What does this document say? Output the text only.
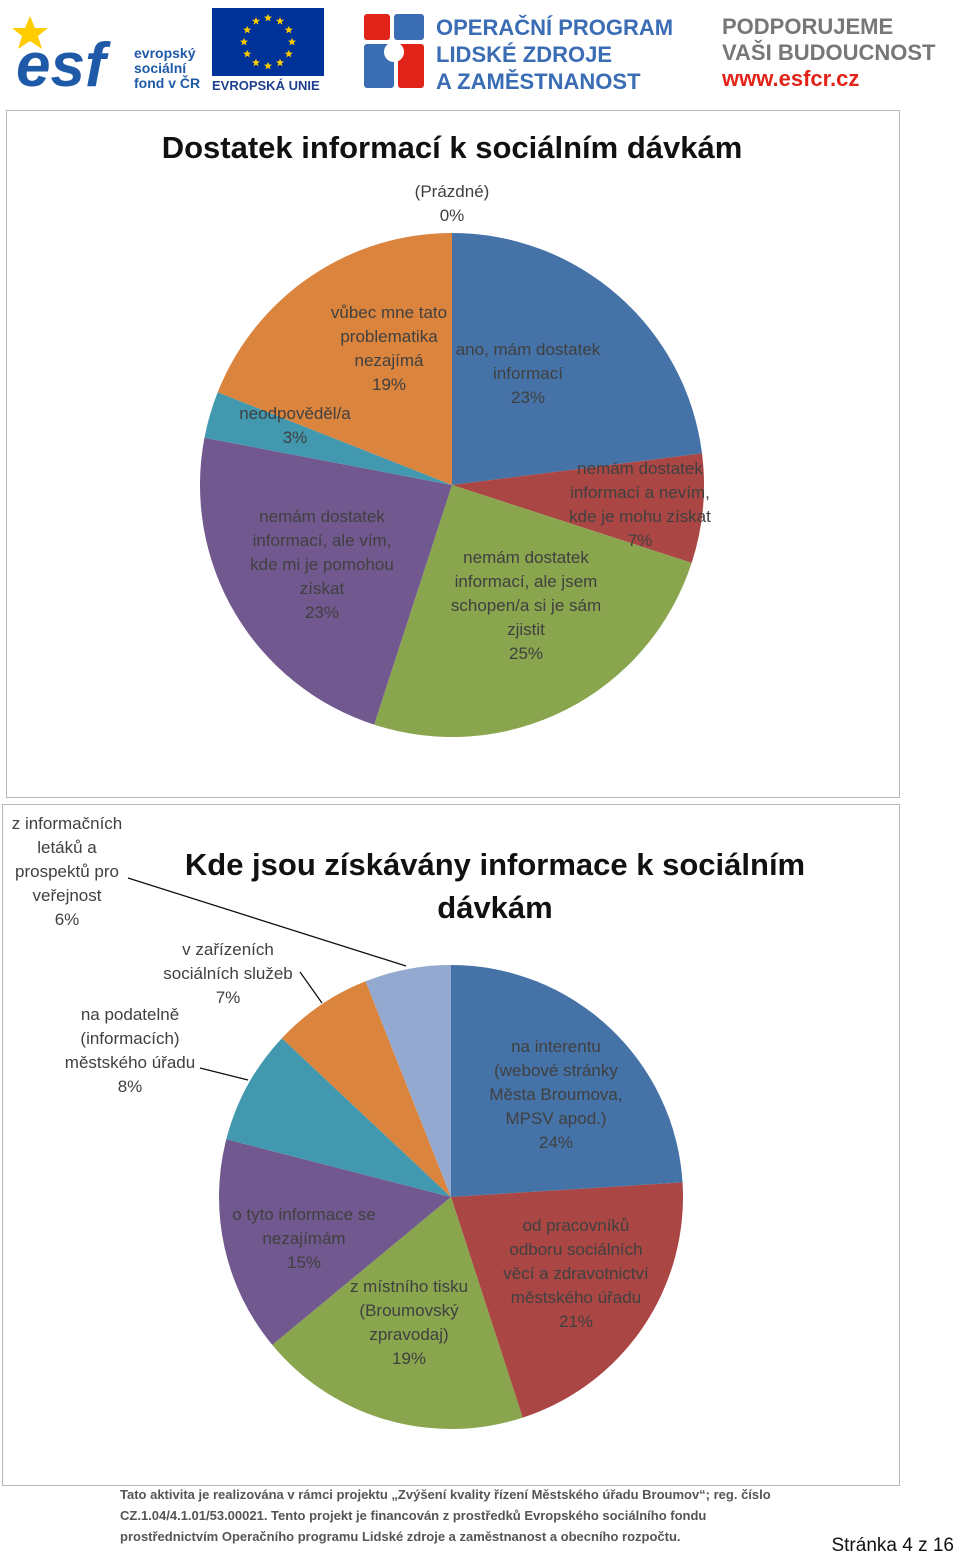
esf	evropský
sociální
fond v ČR EVROPSKÁ UNIE
OPERAČNÍ PROGRAM
LIDSKÉ ZDROJE
A ZAMĚSTNANOST
PODPORUJEME
VAŠI BUDOUCNOST
www.esfcr.cz
Dostatek informací k sociálním dávkám
ano, mám dostatek informací 23%
nemám dostatek informací a nevím, kde je mohu získat 7%
nemám dostatek informací, ale jsem schopen/a si je sám zjistit 25%
nemám dostatek informací, ale vím, kde mi je pomohou získat 23%
neodpověděl/a 3%
vůbec mne tato problematika nezajímá 19%
(Prázdné) 0%
Kde jsou získávány informace k sociálním dávkám
na interentu (webové stránky Města Broumova, MPSV apod.) 24%
od pracovníků odboru sociálních věcí a zdravotnictví městského úřadu 21%
z místního tisku (Broumovský zpravodaj) 19%
o tyto informace se nezajímám 15%
na podatelně (informacích) městského úřadu 8%
v zařízeních sociálních služeb 7%
z informačních letáků a prospektů pro veřejnost 6%
Tato aktivita je realizována v rámci projektu „Zvýšení kvality řízení Městského úřadu Broumov“; reg. číslo
CZ.1.04/4.1.01/53.00021. Tento projekt je financován z prostředků Evropského sociálního fondu
prostřednictvím Operačního programu Lidské zdroje a zaměstnanost a obecního rozpočtu.	Stránka 4 z 16
